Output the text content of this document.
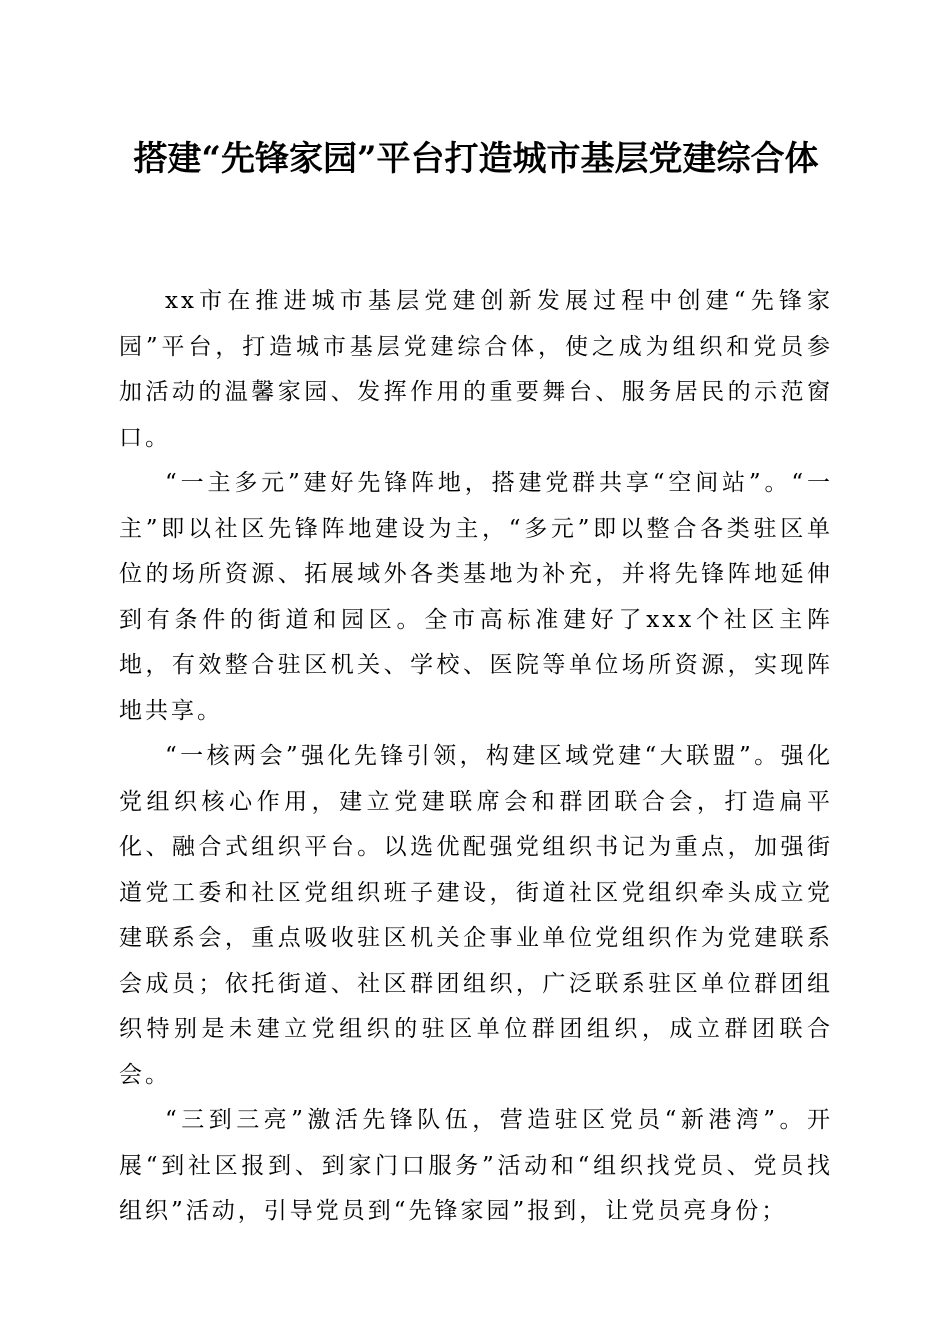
搭建“先锋家园”平台打造城市基层党建综合体

xx市在推进城市基层党建创新发展过程中创建“先锋家园”平台，打造城市基层党建综合体，使之成为组织和党员参加活动的温馨家园、发挥作用的重要舞台、服务居民的示范窗口。

“一主多元”建好先锋阵地，搭建党群共享“空间站”。“一主”即以社区先锋阵地建设为主，“多元”即以整合各类驻区单位的场所资源、拓展域外各类基地为补充，并将先锋阵地延伸到有条件的街道和园区。全市高标准建好了xxx个社区主阵地，有效整合驻区机关、学校、医院等单位场所资源，实现阵地共享。

“一核两会”强化先锋引领，构建区域党建“大联盟”。强化党组织核心作用，建立党建联席会和群团联合会，打造扁平化、融合式组织平台。以选优配强党组织书记为重点，加强街道党工委和社区党组织班子建设，街道社区党组织牵头成立党建联系会，重点吸收驻区机关企事业单位党组织作为党建联系会成员；依托街道、社区群团组织，广泛联系驻区单位群团组织特别是未建立党组织的驻区单位群团组织，成立群团联合会。

“三到三亮”激活先锋队伍，营造驻区党员“新港湾”。开展“到社区报到、到家门口服务”活动和“组织找党员、党员找组织”活动，引导党员到“先锋家园”报到，让党员亮身份；
